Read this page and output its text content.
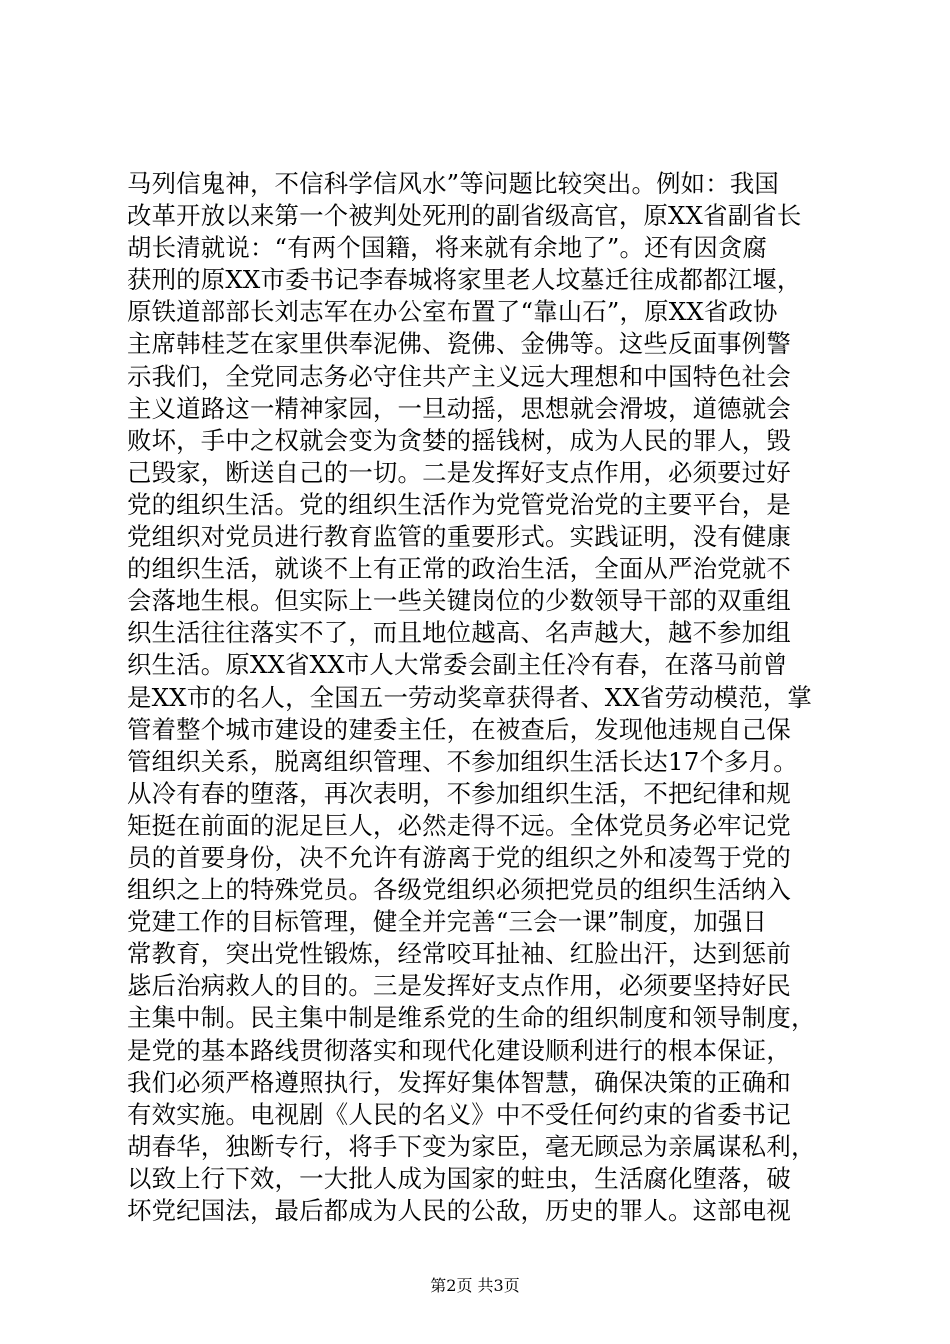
马列信鬼神，不信科学信风水”等问题比较突出。例如：我国
改革开放以来第一个被判处死刑的副省级高官，原XX省副省长
胡长清就说：“有两个国籍，将来就有余地了”。还有因贪腐
获刑的原XX市委书记李春城将家里老人坟墓迁往成都都江堰，
原铁道部部长刘志军在办公室布置了“靠山石”，原XX省政协
主席韩桂芝在家里供奉泥佛、瓷佛、金佛等。这些反面事例警
示我们，全党同志务必守住共产主义远大理想和中国特色社会
主义道路这一精神家园，一旦动摇，思想就会滑坡，道德就会
败坏，手中之权就会变为贪婪的摇钱树，成为人民的罪人，毁
己毁家，断送自己的一切。二是发挥好支点作用，必须要过好
党的组织生活。党的组织生活作为党管党治党的主要平台，是
党组织对党员进行教育监管的重要形式。实践证明，没有健康
的组织生活，就谈不上有正常的政治生活，全面从严治党就不
会落地生根。但实际上一些关键岗位的少数领导干部的双重组
织生活往往落实不了，而且地位越高、名声越大，越不参加组
织生活。原XX省XX市人大常委会副主任冷有春，在落马前曾
是XX市的名人，全国五一劳动奖章获得者、XX省劳动模范，掌
管着整个城市建设的建委主任，在被查后，发现他违规自己保
管组织关系，脱离组织管理、不参加组织生活长达17个多月。
从冷有春的堕落，再次表明，不参加组织生活，不把纪律和规
矩挺在前面的泥足巨人，必然走得不远。全体党员务必牢记党
员的首要身份，决不允许有游离于党的组织之外和凌驾于党的
组织之上的特殊党员。各级党组织必须把党员的组织生活纳入
党建工作的目标管理，健全并完善“三会一课”制度，加强日
常教育，突出党性锻炼，经常咬耳扯袖、红脸出汗，达到惩前
毖后治病救人的目的。三是发挥好支点作用，必须要坚持好民
主集中制。民主集中制是维系党的生命的组织制度和领导制度，
是党的基本路线贯彻落实和现代化建设顺利进行的根本保证，
我们必须严格遵照执行，发挥好集体智慧，确保决策的正确和
有效实施。电视剧《人民的名义》中不受任何约束的省委书记
胡春华，独断专行，将手下变为家臣，毫无顾忌为亲属谋私利，
以致上行下效，一大批人成为国家的蛀虫，生活腐化堕落，破
坏党纪国法，最后都成为人民的公敌，历史的罪人。这部电视
第2页 共3页
